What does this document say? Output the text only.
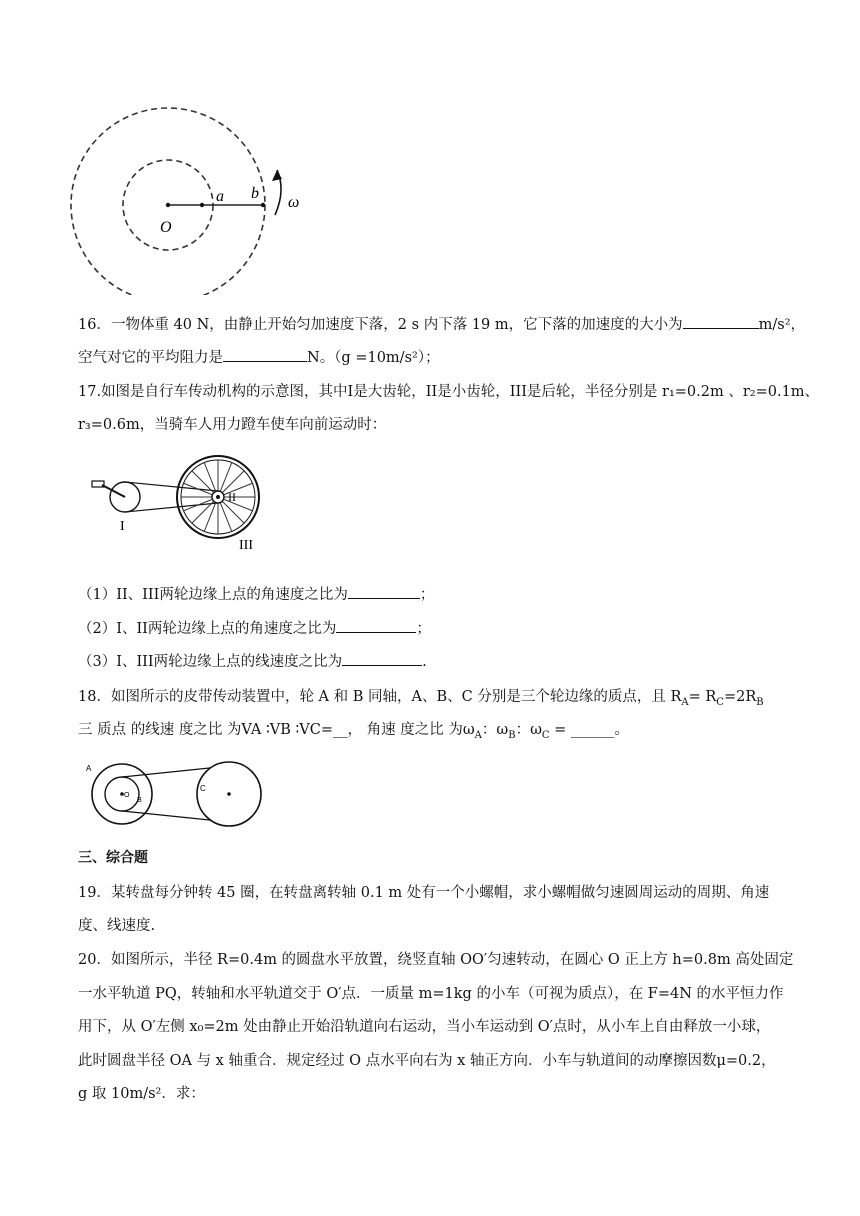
O
a b
ω
16．一物体重 40 N，由静止开始匀加速度下落，2 s 内下落 19 m，它下落的加速度的大小为	m/s²，
空气对它的平均阻力是	N。（g =10m/s²）；
17.如图是自行车传动机构的示意图，其中I是大齿轮，II是小齿轮，III是后轮，半径分别是 r₁=0.2m 、r₂=0.1m、
r₃=0.6m，当骑车人用力蹬车使车向前运动时：
I
II
III
（1）II、III两轮边缘上点的角速度之比为	；
（2）I、II两轮边缘上点的角速度之比为	；
（3）I、III两轮边缘上点的线速度之比为	.
18．如图所示的皮带传动装置中，轮 A 和 B 同轴，A、B、C 分别是三个轮边缘的质点，且 $R_A= R_C=2R_B$
三 质点 的线速 度之比 为VA ∶VB ∶VC=__， 角速 度之比 为$\omega_A$：$\omega_B$：$\omega_C$ = ______。
A
O
B
C
三、综合题
19．某转盘每分钟转 45 圈，在转盘离转轴 0.1 m 处有一个小螺帽，求小螺帽做匀速圆周运动的周期、角速
度、线速度.
20．如图所示，半径 R=0.4m 的圆盘水平放置，绕竖直轴 OO′匀速转动，在圆心 O 正上方 h=0.8m 高处固定
一水平轨道 PQ，转轴和水平轨道交于 O′点．一质量 m=1kg 的小车（可视为质点），在 F=4N 的水平恒力作
用下，从 O′左侧 x₀=2m 处由静止开始沿轨道向右运动，当小车运动到 O′点时，从小车上自由释放一小球，
此时圆盘半径 OA 与 x 轴重合．规定经过 O 点水平向右为 x 轴正方向．小车与轨道间的动摩擦因数μ=0.2，
g 取 10m/s²．求：
